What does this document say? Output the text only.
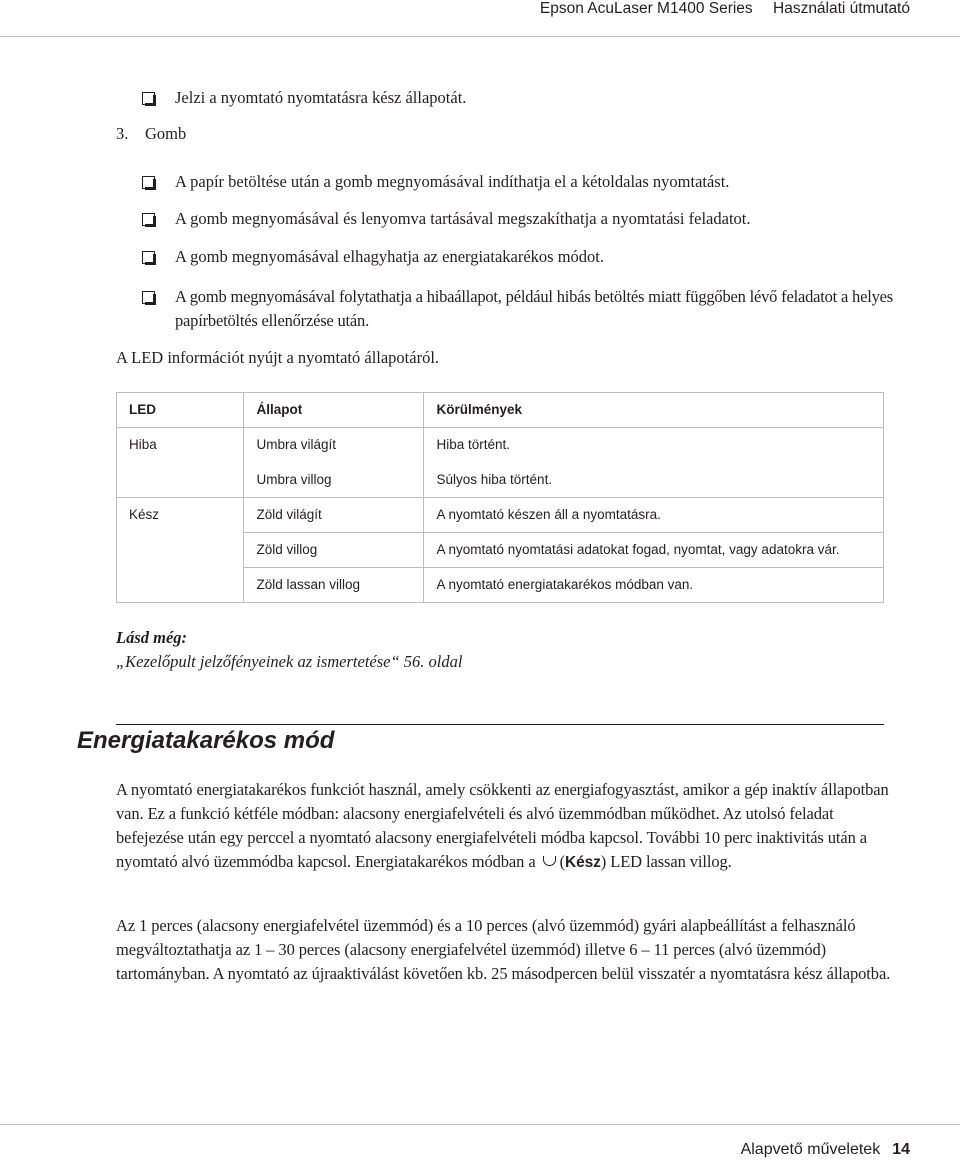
Epson AcuLaser M1400 Series Használati útmutató
Jelzi a nyomtató nyomtatásra kész állapotát.
3. Gomb
A papír betöltése után a gomb megnyomásával indíthatja el a kétoldalas nyomtatást.
A gomb megnyomásával és lenyomva tartásával megszakíthatja a nyomtatási feladatot.
A gomb megnyomásával elhagyhatja az energiatakarékos módot.
A gomb megnyomásával folytathatja a hibaállapot, például hibás betöltés miatt függőben lévő feladatot a helyes papírbetöltés ellenőrzése után.
A LED információt nyújt a nyomtató állapotáról.
LED	Állapot	Körülmények
Hiba	Umbra világít	Hiba történt.
	Umbra villog	Súlyos hiba történt.
Kész	Zöld világít	A nyomtató készen áll a nyomtatásra.
	Zöld villog	A nyomtató nyomtatási adatokat fogad, nyomtat, vagy adatokra vár.
	Zöld lassan villog	A nyomtató energiatakarékos módban van.
Lásd még:
„Kezelőpult jelzőfényeinek az ismertetése“ 56. oldal
Energiatakarékos mód
A nyomtató energiatakarékos funkciót használ, amely csökkenti az energiafogyasztást, amikor a gép inaktív állapotban van. Ez a funkció kétféle módban: alacsony energiafelvételi és alvó üzemmódban működhet. Az utolsó feladat befejezése után egy perccel a nyomtató alacsony energiafelvételi módba kapcsol. További 10 perc inaktivitás után a nyomtató alvó üzemmódba kapcsol. Energiatakarékos módban a (Kész) LED lassan villog.
Az 1 perces (alacsony energiafelvétel üzemmód) és a 10 perces (alvó üzemmód) gyári alapbeállítást a felhasználó megváltoztathatja az 1 – 30 perces (alacsony energiafelvétel üzemmód) illetve 6 – 11 perces (alvó üzemmód) tartományban. A nyomtató az újraaktiválást követően kb. 25 másodpercen belül visszatér a nyomtatásra kész állapotba.
Alapvető műveletek 14
